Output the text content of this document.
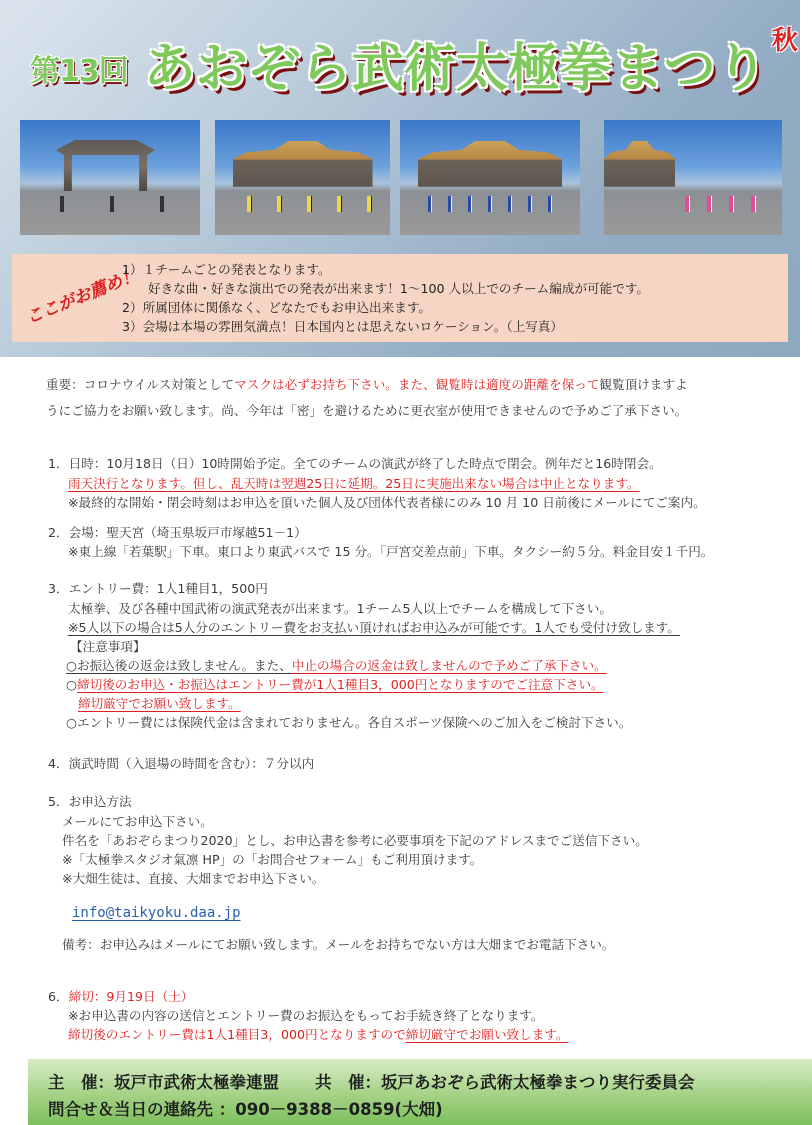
第13回 あおぞら武術太極拳まつり 秋
ここがお薦め！
1）１チームごとの発表となります。
好きな曲・好きな演出での発表が出来ます！1～100 人以上でのチーム編成が可能です。
2）所属団体に関係なく、どなたでもお申込出来ます。
3）会場は本場の雰囲気満点！日本国内とは思えないロケーション。（上写真）
重要：コロナウイルス対策としてマスクは必ずお持ち下さい。また、観覧時は適度の距離を保って観覧頂けますよ
うにご協力をお願い致します。尚、今年は「密」を避けるために更衣室が使用できませんので予めご了承下さい。
1．日時：10月18日（日）10時開始予定。全てのチームの演武が終了した時点で閉会。例年だと16時閉会。
雨天決行となります。但し、乱天時は翌週25日に延期。25日に実施出来ない場合は中止となります。
※最終的な開始・閉会時刻はお申込を頂いた個人及び団体代表者様にのみ 10 月 10 日前後にメールにてご案内。
2．会場：聖天宮（埼玉県坂戸市塚越51－1）
※東上線「若葉駅」下車。東口より東武バスで 15 分。「戸宮交差点前」下車。タクシー約５分。料金目安１千円。
3．エントリー費：1人1種目1，500円
太極拳、及び各種中国武術の演武発表が出来ます。1チーム5人以上でチームを構成して下さい。
※5人以下の場合は5人分のエントリー費をお支払い頂ければお申込みが可能です。1人でも受付け致します。
【注意事項】
○お振込後の返金は致しません。また、中止の場合の返金は致しませんので予めご了承下さい。
○締切後のお申込・お振込はエントリー費が1人1種目3，000円となりますのでご注意下さい。
締切厳守でお願い致します。
○エントリー費には保険代金は含まれておりません。各自スポーツ保険へのご加入をご検討下さい。
4．演武時間（入退場の時間を含む）：７分以内
5．お申込方法
メールにてお申込下さい。
件名を「あおぞらまつり2020」とし、お申込書を参考に必要事項を下記のアドレスまでご送信下さい。
※「太極拳スタジオ氣凛 HP」の「お問合せフォーム」もご利用頂けます。
※大畑生徒は、直接、大畑までお申込下さい。
info@taikyoku.daa.jp
備考：お申込みはメールにてお願い致します。メールをお持ちでない方は大畑までお電話下さい。
6．締切：9月19日（土）
※お申込書の内容の送信とエントリー費のお振込をもってお手続き終了となります。
締切後のエントリー費は1人1種目3，000円となりますので締切厳守でお願い致します。
主　催：坂戸市武術太極拳連盟 共　催：坂戸あおぞら武術太極拳まつり実行委員会
問合せ＆当日の連絡先 ：090－9388－0859(大畑)
